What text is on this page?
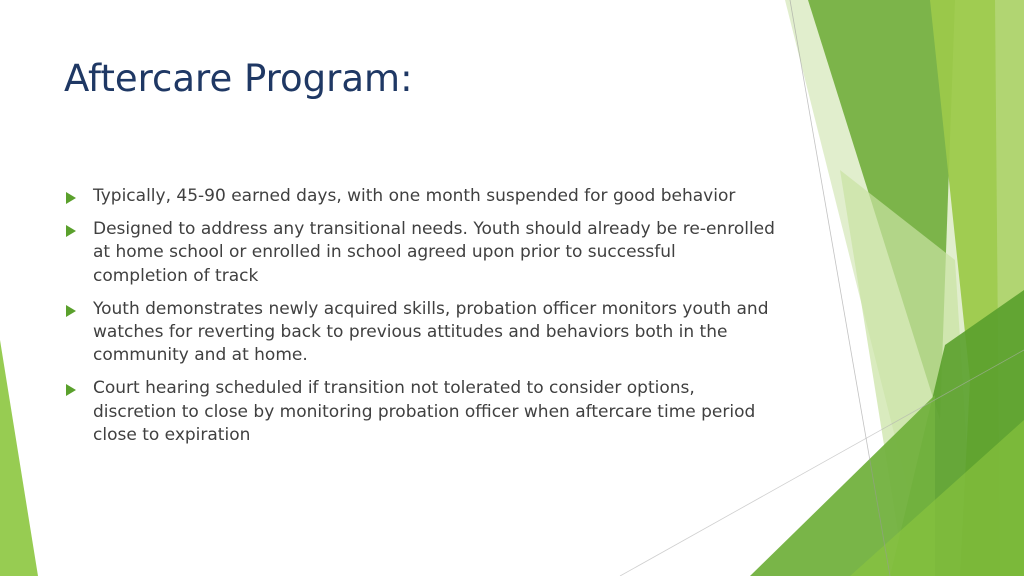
Aftercare Program:
Typically, 45-90 earned days, with one month suspended for good behavior
Designed to address any transitional needs. Youth should already be re-enrolled at home school or enrolled in school agreed upon prior to successful completion of track
Youth demonstrates newly acquired skills, probation officer monitors youth and watches for reverting back to previous attitudes and behaviors both in the community and at home.
Court hearing scheduled if transition not tolerated to consider options, discretion to close by monitoring probation officer when aftercare time period close to expiration
